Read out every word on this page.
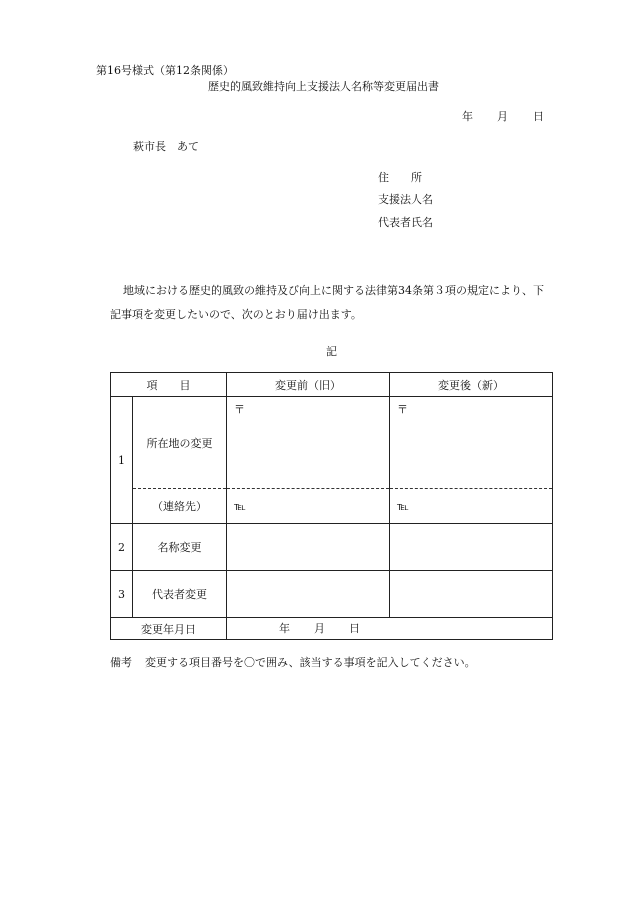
第16号様式（第12条関係）
歴史的風致維持向上支援法人名称等変更届出書
年 月 日
萩市長　あて
住　　所
支援法人名
代表者氏名
地域における歴史的風致の維持及び向上に関する法律第34条第３項の規定により、下
記事項を変更したいので、次のとおり届け出ます。
記
項　　目		変更前（旧）	変更後（新）
1	所在地の変更	〒	〒
	（連絡先）	℡	℡
2	名称変更		
3	代表者変更		
変更年月日		年 月 日	
備考 変更する項目番号を〇で囲み、該当する事項を記入してください。
